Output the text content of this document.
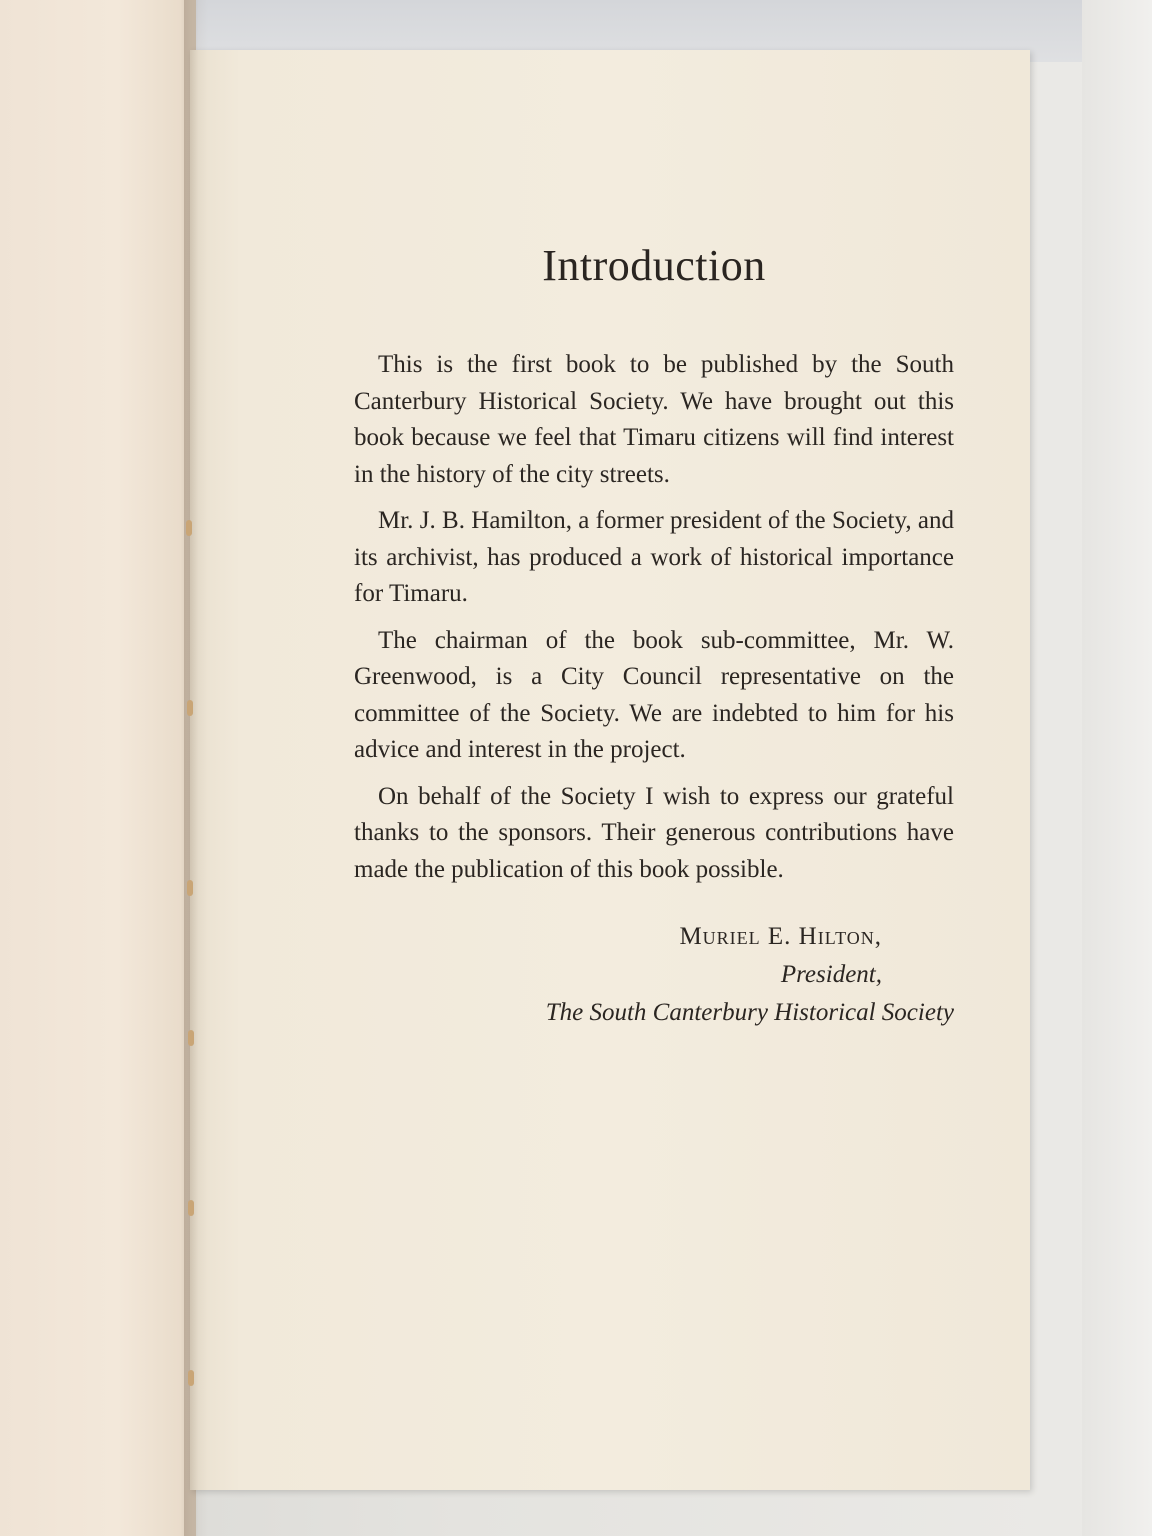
Introduction

This is the first book to be published by the South Canterbury Historical Society. We have brought out this book because we feel that Timaru citizens will find interest in the history of the city streets.

Mr. J. B. Hamilton, a former president of the Society, and its archivist, has produced a work of historical importance for Timaru.

The chairman of the book sub-committee, Mr. W. Greenwood, is a City Council representative on the committee of the Society. We are indebted to him for his advice and interest in the project.

On behalf of the Society I wish to express our grateful thanks to the sponsors. Their generous contributions have made the publication of this book possible.

Muriel E. Hilton,
President,
The South Canterbury Historical Society
